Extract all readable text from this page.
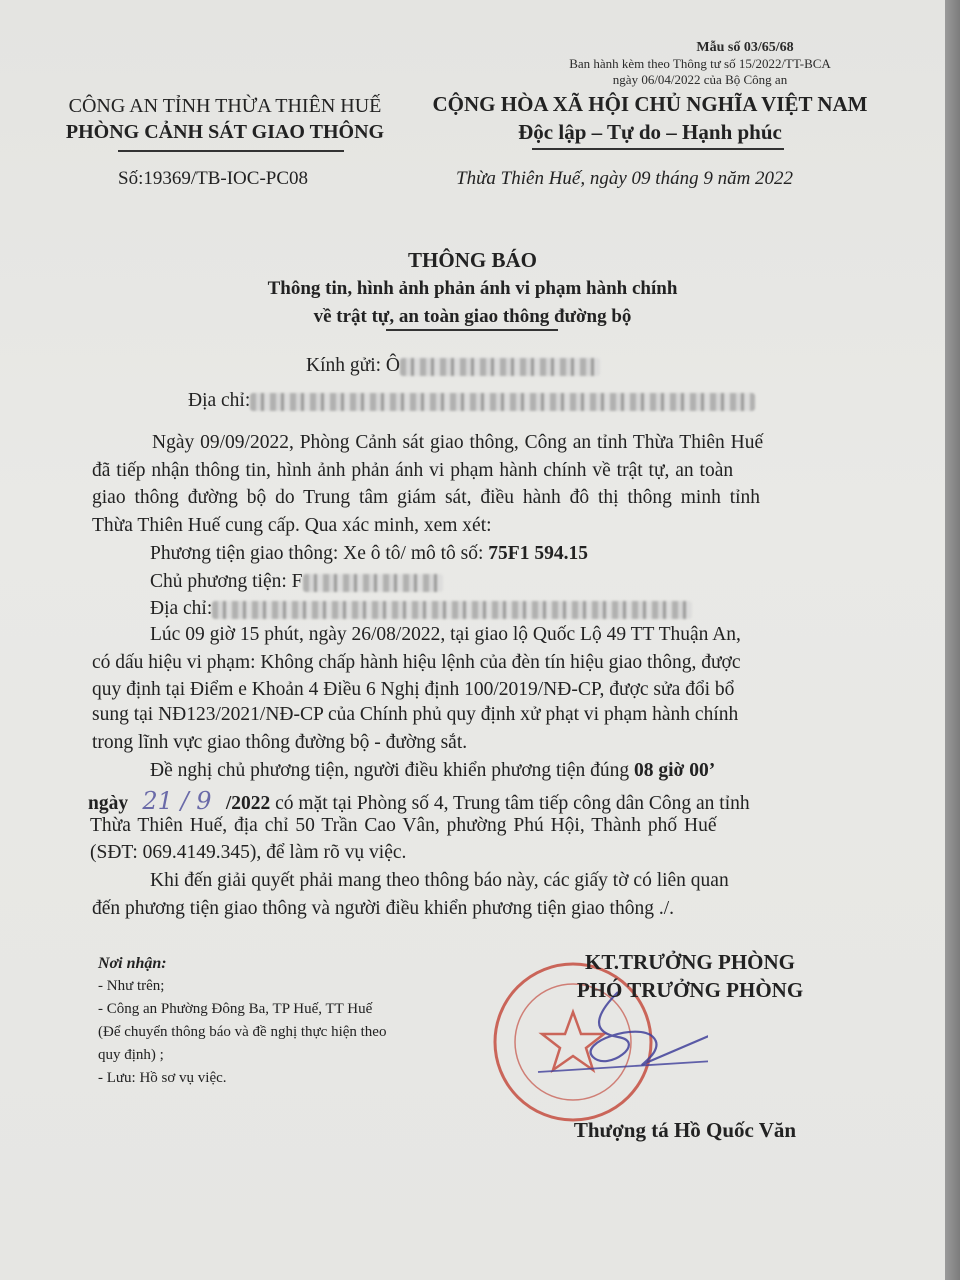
Mẫu số 03/65/68
Ban hành kèm theo Thông tư số 15/2022/TT-BCA
ngày 06/04/2022 của Bộ Công an
CÔNG AN TỈNH THỪA THIÊN HUẾ
PHÒNG CẢNH SÁT GIAO THÔNG
CỘNG HÒA XÃ HỘI CHỦ NGHĨA VIỆT NAM
Độc lập – Tự do – Hạnh phúc
Số:19369/TB-IOC-PC08	Thừa Thiên Huế, ngày 09 tháng 9 năm 2022
THÔNG BÁO
Thông tin, hình ảnh phản ánh vi phạm hành chính
về trật tự, an toàn giao thông đường bộ
Kính gửi: Ô
Địa chỉ:
Ngày 09/09/2022, Phòng Cảnh sát giao thông, Công an tỉnh Thừa Thiên Huế
đã tiếp nhận thông tin, hình ảnh phản ánh vi phạm hành chính về trật tự, an toàn
giao thông đường bộ do Trung tâm giám sát, điều hành đô thị thông minh tỉnh
Thừa Thiên Huế cung cấp. Qua xác minh, xem xét:
Phương tiện giao thông: Xe ô tô/ mô tô số: 75F1 594.15
Chủ phương tiện: F
Địa chỉ:
Lúc 09 giờ 15 phút, ngày 26/08/2022, tại giao lộ Quốc Lộ 49 TT Thuận An,
có dấu hiệu vi phạm: Không chấp hành hiệu lệnh của đèn tín hiệu giao thông, được
quy định tại Điểm e Khoản 4 Điều 6 Nghị định 100/2019/NĐ-CP, được sửa đổi bổ
sung tại NĐ123/2021/NĐ-CP của Chính phủ quy định xử phạt vi phạm hành chính
trong lĩnh vực giao thông đường bộ - đường sắt.
Đề nghị chủ phương tiện, người điều khiển phương tiện đúng 08 giờ 00’
ngày 21 / 9 /2022 có mặt tại Phòng số 4, Trung tâm tiếp công dân Công an tỉnh
Thừa Thiên Huế, địa chỉ 50 Trần Cao Vân, phường Phú Hội, Thành phố Huế
(SĐT: 069.4149.345), để làm rõ vụ việc.
Khi đến giải quyết phải mang theo thông báo này, các giấy tờ có liên quan
đến phương tiện giao thông và người điều khiển phương tiện giao thông ./.
Nơi nhận:
- Như trên;
- Công an Phường Đông Ba, TP Huế, TT Huế
(Để chuyển thông báo và đề nghị thực hiện theo
quy định) ;
- Lưu: Hồ sơ vụ việc.
KT.TRƯỞNG PHÒNG
PHÓ TRƯỞNG PHÒNG
Thượng tá Hồ Quốc Văn
